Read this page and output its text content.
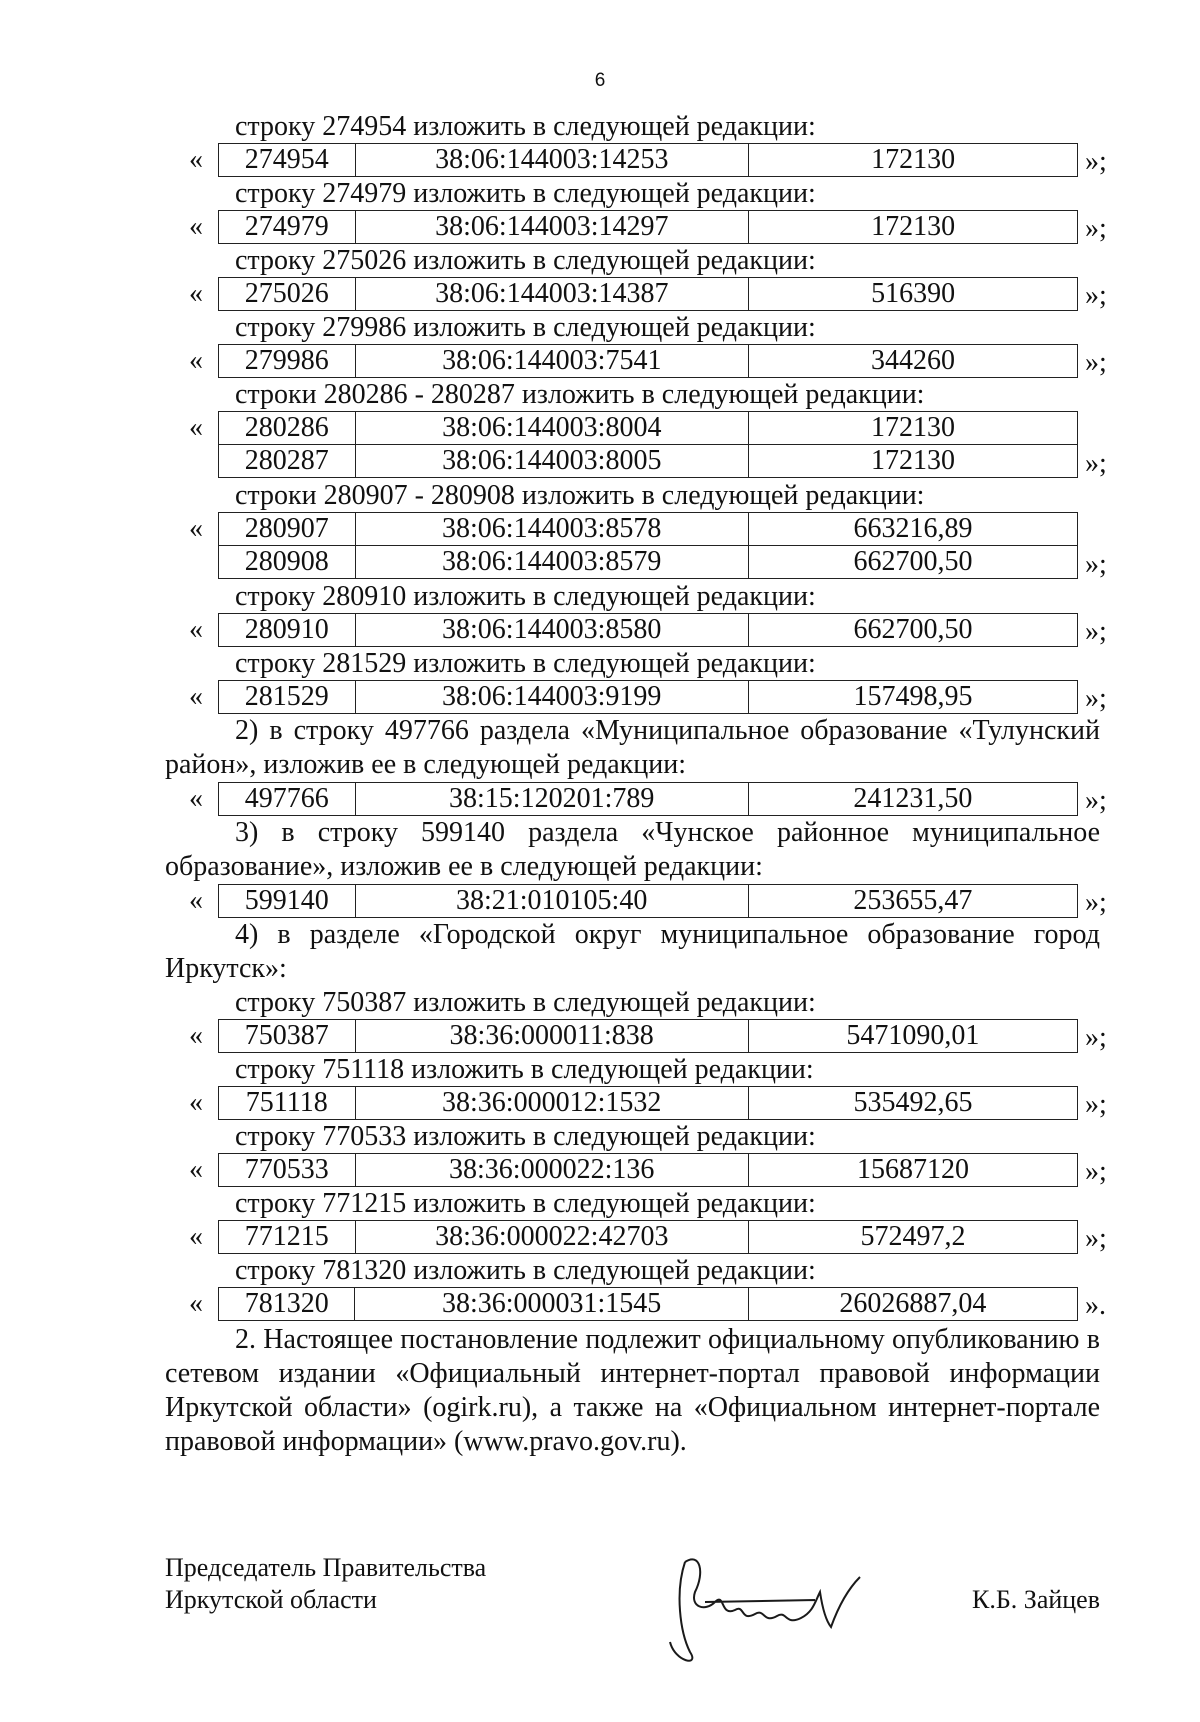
6
строку 274954 изложить в следующей редакции:
« 274954	38:06:144003:14253	172130	»;
строку 274979 изложить в следующей редакции:
« 274979	38:06:144003:14297	172130	»;
строку 275026 изложить в следующей редакции:
« 275026	38:06:144003:14387	516390	»;
строку 279986 изложить в следующей редакции:
« 279986	38:06:144003:7541	344260	»;
строки 280286 - 280287 изложить в следующей редакции:
« 280286	38:06:144003:8004	172130
280287	38:06:144003:8005	172130	»;
строки 280907 - 280908 изложить в следующей редакции:
« 280907	38:06:144003:8578	663216,89
280908	38:06:144003:8579	662700,50	»;
строку 280910 изложить в следующей редакции:
« 280910	38:06:144003:8580	662700,50	»;
строку 281529 изложить в следующей редакции:
« 281529	38:06:144003:9199	157498,95	»;
2) в строку 497766 раздела «Муниципальное образование «Тулунский
район», изложив ее в следующей редакции:
« 497766	38:15:120201:789	241231,50	»;
3) в строку 599140 раздела «Чунское районное муниципальное
образование», изложив ее в следующей редакции:
« 599140	38:21:010105:40	253655,47	»;
4) в разделе «Городской округ муниципальное образование город
Иркутск»:
строку 750387 изложить в следующей редакции:
« 750387	38:36:000011:838	5471090,01	»;
строку 751118 изложить в следующей редакции:
« 751118	38:36:000012:1532	535492,65	»;
строку 770533 изложить в следующей редакции:
« 770533	38:36:000022:136	15687120	»;
строку 771215 изложить в следующей редакции:
« 771215	38:36:000022:42703	572497,2	»;
строку 781320 изложить в следующей редакции:
« 781320	38:36:000031:1545	26026887,04	».
2. Настоящее постановление подлежит официальному опубликованию в сетевом издании «Официальный интернет-портал правовой информации Иркутской области» (ogirk.ru), а также на «Официальном интернет-портале правовой информации» (www.pravo.gov.ru).
Председатель Правительства
Иркутской области	К.Б. Зайцев
